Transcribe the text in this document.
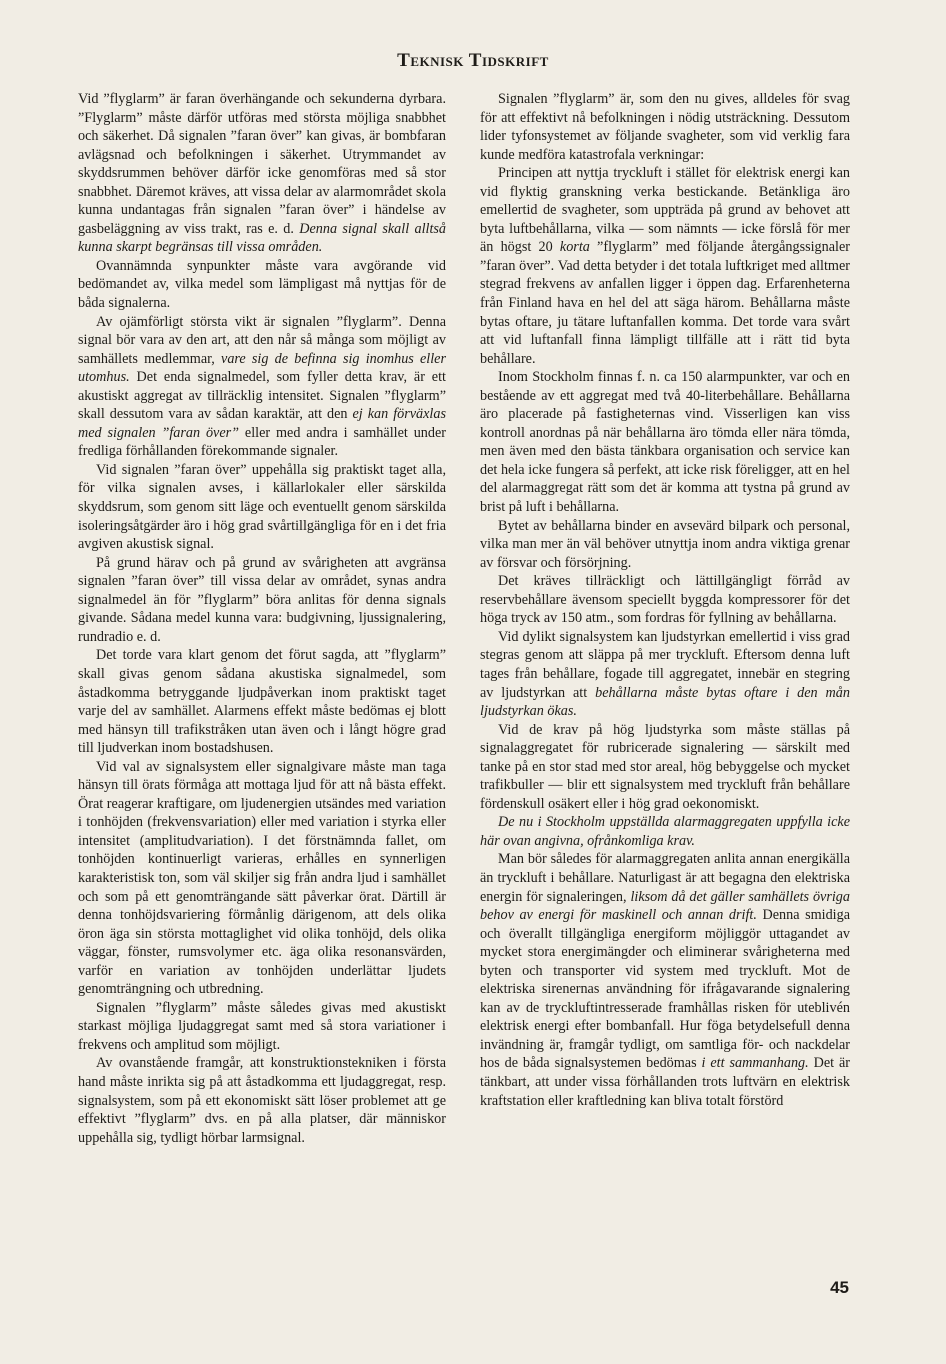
Teknisk Tidskrift

Vid ”flyglarm” är faran överhängande och sekunderna dyrbara. ”Flyglarm” måste därför utföras med största möjliga snabbhet och säkerhet. Då signalen ”faran över” kan givas, är bombfaran avlägsnad och befolkningen i säkerhet. Utrymmandet av skyddsrummen behöver därför icke genomföras med så stor snabbhet. Däremot kräves, att vissa delar av alarmområdet skola kunna undantagas från signalen ”faran över” i händelse av gasbeläggning av viss trakt, ras e. d. Denna signal skall alltså kunna skarpt begränsas till vissa områden.

Ovannämnda synpunkter måste vara avgörande vid bedömandet av, vilka medel som lämpligast må nyttjas för de båda signalerna.

Av ojämförligt största vikt är signalen ”flyglarm”. Denna signal bör vara av den art, att den når så många som möjligt av samhällets medlemmar, vare sig de befinna sig inomhus eller utomhus. Det enda signalmedel, som fyller detta krav, är ett akustiskt aggregat av tillräcklig intensitet. Signalen ”flyglarm” skall dessutom vara av sådan karaktär, att den ej kan förväxlas med signalen ”faran över” eller med andra i samhället under fredliga förhållanden förekommande signaler.

Vid signalen ”faran över” uppehålla sig praktiskt taget alla, för vilka signalen avses, i källarlokaler eller särskilda skyddsrum, som genom sitt läge och eventuellt genom särskilda isoleringsåtgärder äro i hög grad svårtillgängliga för en i det fria avgiven akustisk signal.

På grund härav och på grund av svårigheten att avgränsa signalen ”faran över” till vissa delar av området, synas andra signalmedel än för ”flyglarm” böra anlitas för denna signals givande. Sådana medel kunna vara: budgivning, ljussignalering, rundradio e. d.

Det torde vara klart genom det förut sagda, att ”flyglarm” skall givas genom sådana akustiska signalmedel, som åstadkomma betryggande ljudpåverkan inom praktiskt taget varje del av samhället. Alarmens effekt måste bedömas ej blott med hänsyn till trafikstråken utan även och i långt högre grad till ljudverkan inom bostadshusen.

Vid val av signalsystem eller signalgivare måste man taga hänsyn till örats förmåga att mottaga ljud för att nå bästa effekt. Örat reagerar kraftigare, om ljudenergien utsändes med variation i tonhöjden (frekvensvariation) eller med variation i styrka eller intensitet (amplitudvariation). I det förstnämnda fallet, om tonhöjden kontinuerligt varieras, erhålles en synnerligen karakteristisk ton, som väl skiljer sig från andra ljud i samhället och som på ett genomträngande sätt påverkar örat. Därtill är denna tonhöjdsvariering förmånlig därigenom, att dels olika öron äga sin största mottaglighet vid olika tonhöjd, dels olika väggar, fönster, rumsvolymer etc. äga olika resonansvärden, varför en variation av tonhöjden underlättar ljudets genomträngning och utbredning.

Signalen ”flyglarm” måste således givas med akustiskt starkast möjliga ljudaggregat samt med så stora variationer i frekvens och amplitud som möjligt.

Av ovanstående framgår, att konstruktionstekniken i första hand måste inrikta sig på att åstadkomma ett ljudaggregat, resp. signalsystem, som på ett ekonomiskt sätt löser problemet att ge effektivt ”flyglarm” dvs. en på alla platser, där människor uppehålla sig, tydligt hörbar larmsignal.

Signalen ”flyglarm” är, som den nu gives, alldeles för svag för att effektivt nå befolkningen i nödig utsträckning. Dessutom lider tyfonsystemet av följande svagheter, som vid verklig fara kunde medföra katastrofala verkningar:

Principen att nyttja tryckluft i stället för elektrisk energi kan vid flyktig granskning verka bestickande. Betänkliga äro emellertid de svagheter, som uppträda på grund av behovet att byta luftbehållarna, vilka — som nämnts — icke förslå för mer än högst 20 korta ”flyglarm” med följande återgångssignaler ”faran över”. Vad detta betyder i det totala luftkriget med alltmer stegrad frekvens av anfallen ligger i öppen dag. Erfarenheterna från Finland hava en hel del att säga härom. Behållarna måste bytas oftare, ju tätare luftanfallen komma. Det torde vara svårt att vid luftanfall finna lämpligt tillfälle att i rätt tid byta behållare.

Inom Stockholm finnas f. n. ca 150 alarmpunkter, var och en bestående av ett aggregat med två 40-literbehållare. Behållarna äro placerade på fastigheternas vind. Visserligen kan viss kontroll anordnas på när behållarna äro tömda eller nära tömda, men även med den bästa tänkbara organisation och service kan det hela icke fungera så perfekt, att icke risk föreligger, att en hel del alarmaggregat rätt som det är komma att tystna på grund av brist på luft i behållarna.

Bytet av behållarna binder en avsevärd bilpark och personal, vilka man mer än väl behöver utnyttja inom andra viktiga grenar av försvar och försörjning.

Det kräves tillräckligt och lättillgängligt förråd av reservbehållare ävensom speciellt byggda kompressorer för det höga tryck av 150 atm., som fordras för fyllning av behållarna.

Vid dylikt signalsystem kan ljudstyrkan emellertid i viss grad stegras genom att släppa på mer tryckluft. Eftersom denna luft tages från behållare, fogade till aggregatet, innebär en stegring av ljudstyrkan att behållarna måste bytas oftare i den mån ljudstyrkan ökas.

Vid de krav på hög ljudstyrka som måste ställas på signalaggregatet för rubricerade signalering — särskilt med tanke på en stor stad med stor areal, hög bebyggelse och mycket trafikbuller — blir ett signalsystem med tryckluft från behållare fördenskull osäkert eller i hög grad oekonomiskt.

De nu i Stockholm uppställda alarmaggregaten uppfylla icke här ovan angivna, ofrånkomliga krav.

Man bör således för alarmaggregaten anlita annan energikälla än tryckluft i behållare. Naturligast är att begagna den elektriska energin för signaleringen, liksom då det gäller samhällets övriga behov av energi för maskinell och annan drift. Denna smidiga och överallt tillgängliga energiform möjliggör uttagandet av mycket stora energimängder och eliminerar svårigheterna med byten och transporter vid system med tryckluft. Mot de elektriska sirenernas användning för ifrågavarande signalering kan av de tryckluftintresserade framhållas risken för uteblivén elektrisk energi efter bombanfall. Hur föga betydelsefull denna invändning är, framgår tydligt, om samtliga för- och nackdelar hos de båda signalsystemen bedömas i ett sammanhang. Det är tänkbart, att under vissa förhållanden trots luftvärn en elektrisk kraftstation eller kraftledning kan bliva totalt förstörd

45
